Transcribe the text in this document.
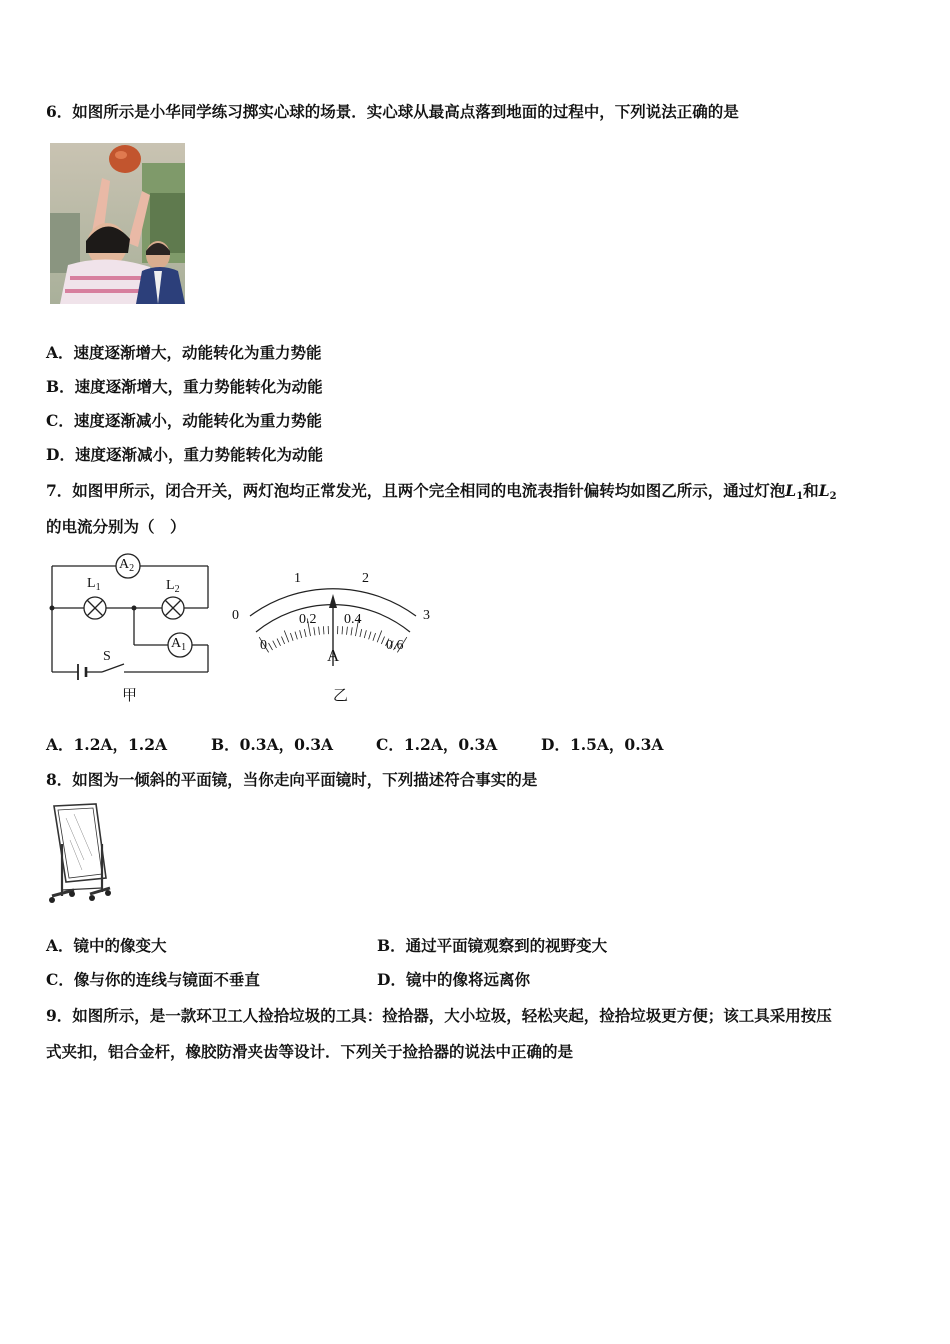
6．如图所示是小华同学练习掷实心球的场景．实心球从最高点落到地面的过程中，下列说法正确的是
A．速度逐渐增大，动能转化为重力势能
B．速度逐渐增大，重力势能转化为动能
C．速度逐渐减小，动能转化为重力势能
D．速度逐渐减小，重力势能转化为动能
7．如图甲所示，闭合开关，两灯泡均正常发光，且两个完全相同的电流表指针偏转均如图乙所示，通过灯泡$L_1$和$L_2$
的电流分别为（　）
$A_2$
$A_1$
$L_1$	$L_2$
S
甲
0
1	2
3
0
0.2 0.4
0.6
A
乙
A．1.2A，1.2A	B．0.3A，0.3A	C．1.2A，0.3A	D．1.5A，0.3A
8．如图为一倾斜的平面镜，当你走向平面镜时，下列描述符合事实的是
A．镜中的像变大	B．通过平面镜观察到的视野变大
C．像与你的连线与镜面不垂直	D．镜中的像将远离你
9．如图所示，是一款环卫工人捡拾垃圾的工具：捡拾器，大小垃圾，轻松夹起，捡拾垃圾更方便；该工具采用按压
式夹扣，铝合金杆，橡胶防滑夹齿等设计．下列关于捡拾器的说法中正确的是
